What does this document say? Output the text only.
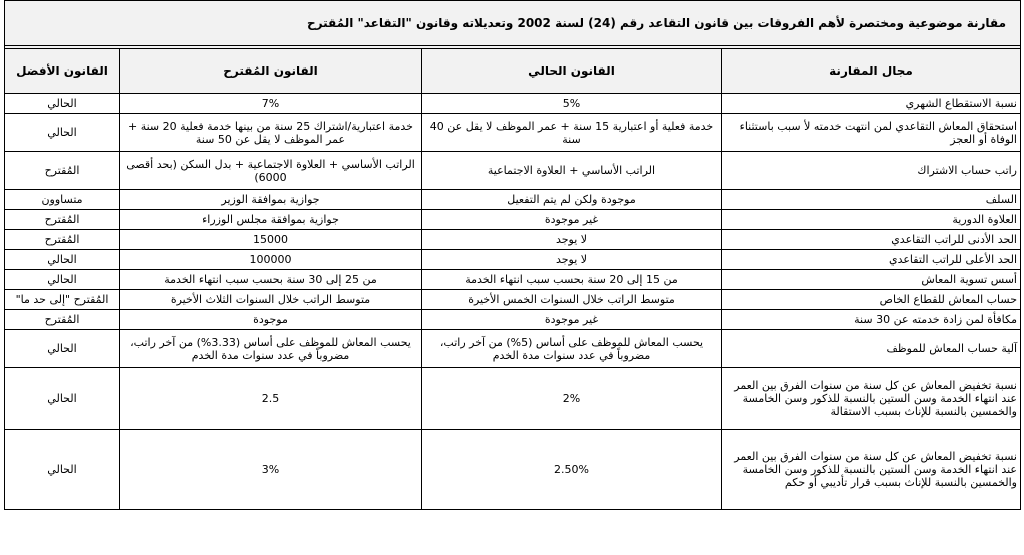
مقارنة موضوعية ومختصرة لأهم الفروقات بين قانون التقاعد رقم (24) لسنة 2002 وتعديلاته وقانون "التقاعد" المُقترح			

مجال المقارنة	القانون الحالي	القانون المُقترح	القانون الأفضل
نسبة الاستقطاع الشهري	5%	7%	الحالي
استحقاق المعاش التقاعدي لمن انتهت خدمته لأ سبب باستثناء الوفاة أو العجز	خدمة فعلية أو اعتبارية 15 سنة + عمر الموظف لا يقل عن 40 سنة	خدمة اعتبارية/اشتراك 25 سنة من بينها خدمة فعلية 20 سنة + عمر الموظف لا يقل عن 50 سنة	الحالي
راتب حساب الاشتراك	الراتب الأساسي + العلاوة الاجتماعية	الراتب الأساسي + العلاوة الاجتماعية + بدل السكن (بحد أقصى 6000)	المُقترح
السلف	موجودة ولكن لم يتم التفعيل	جوازية بموافقة الوزير	متساوون
العلاوة الدورية	غير موجودة	جوازية بموافقة مجلس الوزراء	المُقترح
الحد الأدنى للراتب التقاعدي	لا يوجد	15000	المُقترح
الحد الأعلى للراتب التقاعدي	لا يوجد	100000	الحالي
أسس تسوية المعاش	من 15 إلى 20 سنة بحسب سبب انتهاء الخدمة	من 25 إلى 30 سنة بحسب سبب انتهاء الخدمة	الحالي
حساب المعاش للقطاع الخاص	متوسط الراتب خلال السنوات الخمس الأخيرة	متوسط الراتب خلال السنوات الثلاث الأخيرة	المُقترح "إلى حد ما"
مكافأة لمن زادة خدمته عن 30 سنة	غير موجودة	موجودة	المُقترح
آلية حساب المعاش للموظف	يحسب المعاش للموظف على أساس (5%) من آخر راتب، مضروباً في عدد سنوات مدة الخدم	يحسب المعاش للموظف على أساس (3.33%) من آخر راتب، مضروباً في عدد سنوات مدة الخدم	الحالي
نسبة تخفيض المعاش عن كل سنة من سنوات الفرق بين العمر عند انتهاء الخدمة وسن الستين بالنسبة للذكور وسن الخامسة والخمسين بالنسبة للإناث بسبب الاستقالة	2%	2.5	الحالي
نسبة تخفيض المعاش عن كل سنة من سنوات الفرق بين العمر عند انتهاء الخدمة وسن الستين بالنسبة للذكور وسن الخامسة والخمسين بالنسبة للإناث بسبب قرار تأديبي أو حكم	2.50%	3%	الحالي
